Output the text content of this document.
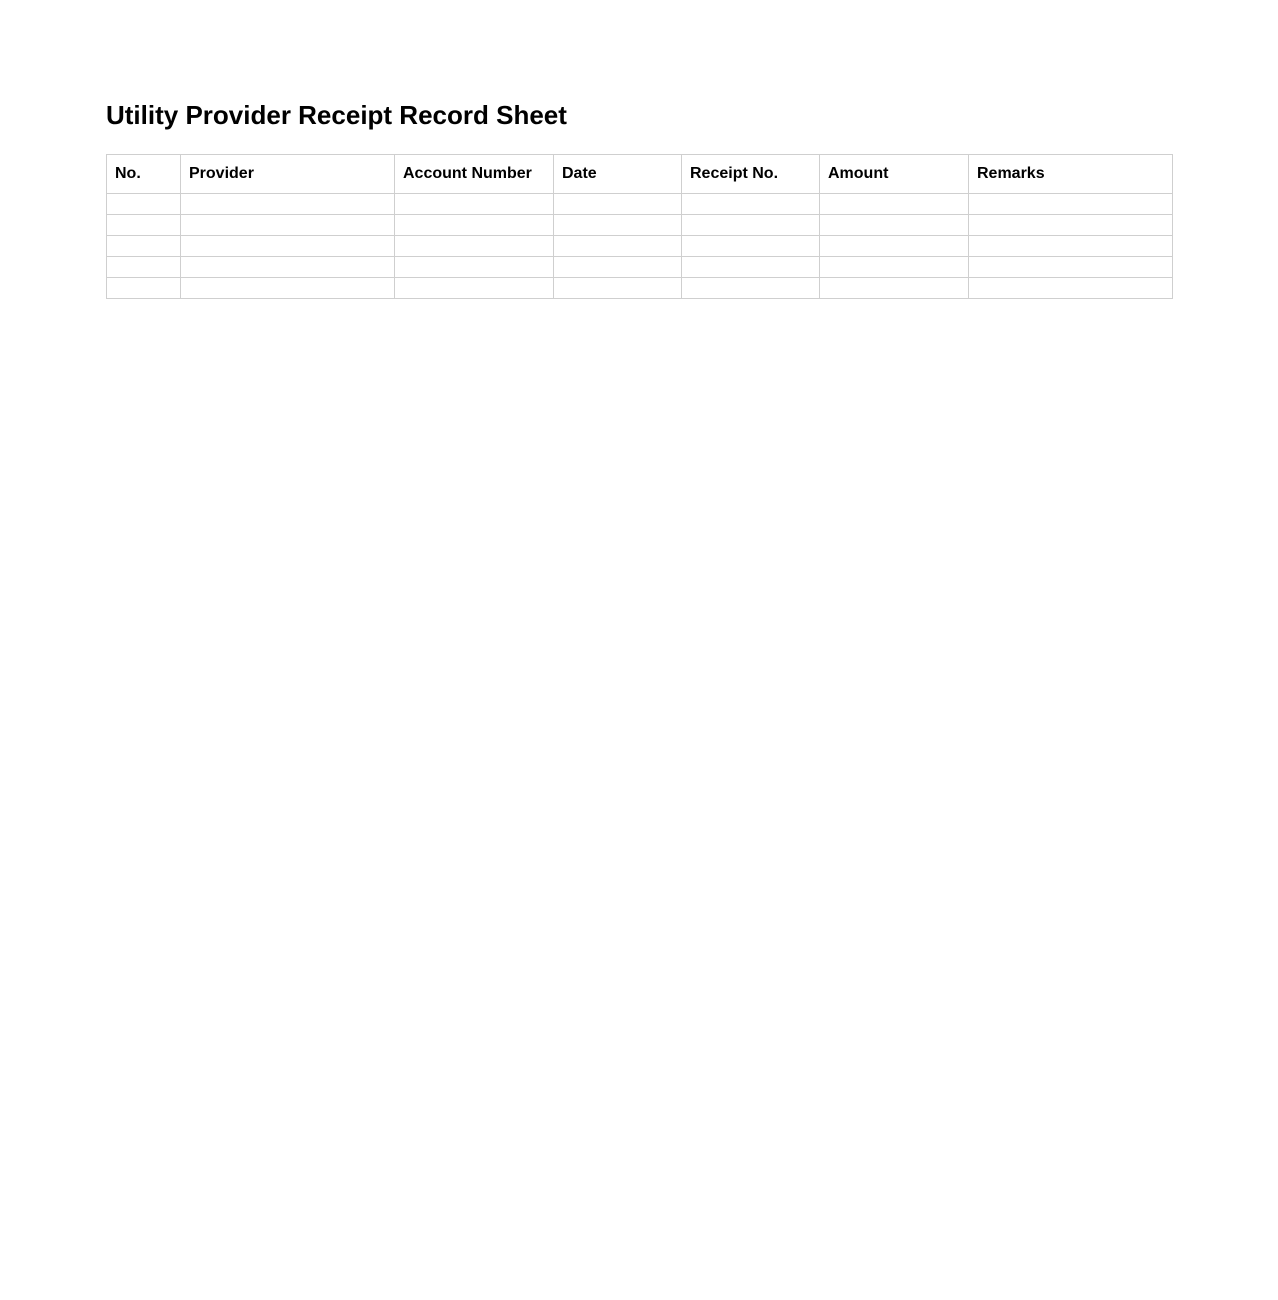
Utility Provider Receipt Record Sheet
No.	Provider	Account Number	Date	Receipt No.	Amount	Remarks
